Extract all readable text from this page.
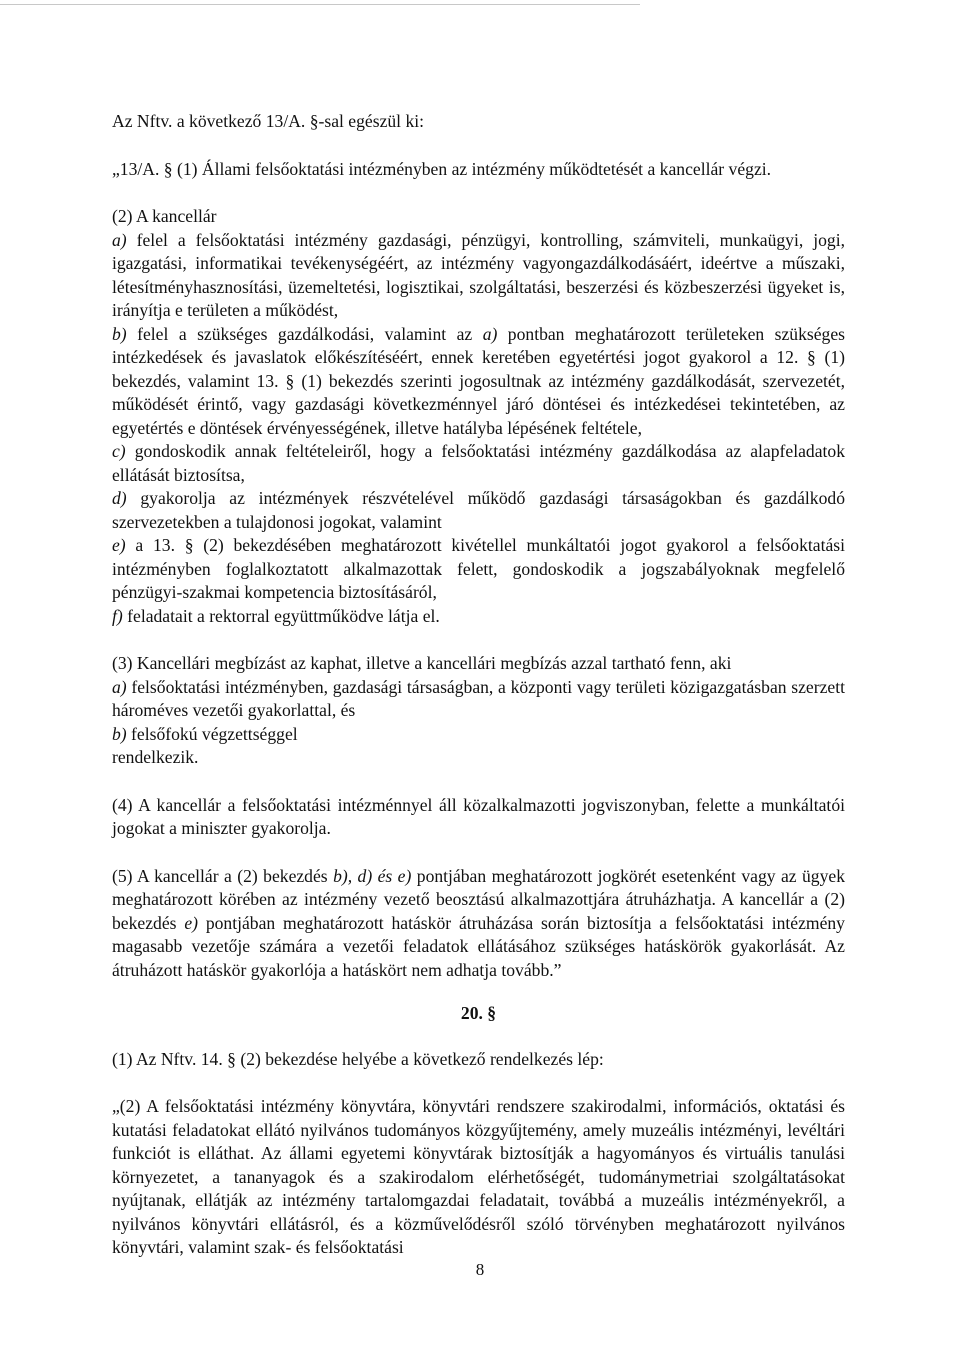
Az Nftv. a következő 13/A. §-sal egészül ki:

„13/A. § (1) Állami felsőoktatási intézményben az intézmény működtetését a kancellár végzi.

(2) A kancellár

a) felel a felsőoktatási intézmény gazdasági, pénzügyi, kontrolling, számviteli, munkaügyi, jogi, igazgatási, informatikai tevékenységéért, az intézmény vagyongazdálkodásáért, ideértve a műszaki, létesítményhasznosítási, üzemeltetési, logisztikai, szolgáltatási, beszerzési és közbeszerzési ügyeket is, irányítja e területen a működést,

b) felel a szükséges gazdálkodási, valamint az a) pontban meghatározott területeken szükséges intézkedések és javaslatok előkészítéséért, ennek keretében egyetértési jogot gyakorol a 12. § (1) bekezdés, valamint 13. § (1) bekezdés szerinti jogosultnak az intézmény gazdálkodását, szervezetét, működését érintő, vagy gazdasági következménnyel járó döntései és intézkedései tekintetében, az egyetértés e döntések érvényességének, illetve hatályba lépésének feltétele,

c) gondoskodik annak feltételeiről, hogy a felsőoktatási intézmény gazdálkodása az alapfeladatok ellátását biztosítsa,

d) gyakorolja az intézmények részvételével működő gazdasági társaságokban és gazdálkodó szervezetekben a tulajdonosi jogokat, valamint

e) a 13. § (2) bekezdésében meghatározott kivétellel munkáltatói jogot gyakorol a felsőoktatási intézményben foglalkoztatott alkalmazottak felett, gondoskodik a jogszabályoknak megfelelő pénzügyi-szakmai kompetencia biztosításáról,

f) feladatait a rektorral együttműködve látja el.

(3) Kancellári megbízást az kaphat, illetve a kancellári megbízás azzal tartható fenn, aki

a) felsőoktatási intézményben, gazdasági társaságban, a központi vagy területi közigazgatásban szerzett hároméves vezetői gyakorlattal, és

b) felsőfokú végzettséggel

rendelkezik.

(4) A kancellár a felsőoktatási intézménnyel áll közalkalmazotti jogviszonyban, felette a munkáltatói jogokat a miniszter gyakorolja.

(5) A kancellár a (2) bekezdés b), d) és e) pontjában meghatározott jogkörét esetenként vagy az ügyek meghatározott körében az intézmény vezető beosztású alkalmazottjára átruházhatja. A kancellár a (2) bekezdés e) pontjában meghatározott hatáskör átruházása során biztosítja a felsőoktatási intézmény magasabb vezetője számára a vezetői feladatok ellátásához szükséges hatáskörök gyakorlását. Az átruházott hatáskör gyakorlója a hatáskört nem adhatja tovább.”

20. §

(1) Az Nftv. 14. § (2) bekezdése helyébe a következő rendelkezés lép:

„(2) A felsőoktatási intézmény könyvtára, könyvtári rendszere szakirodalmi, információs, oktatási és kutatási feladatokat ellátó nyilvános tudományos közgyűjtemény, amely muzeális intézményi, levéltári funkciót is elláthat. Az állami egyetemi könyvtárak biztosítják a hagyományos és virtuális tanulási környezetet, a tananyagok és a szakirodalom elérhetőségét, tudománymetriai szolgáltatásokat nyújtanak, ellátják az intézmény tartalomgazdai feladatait, továbbá a muzeális intézményekről, a nyilvános könyvtári ellátásról, és a közművelődésről szóló törvényben meghatározott nyilvános könyvtári, valamint szak- és felsőoktatási

8
